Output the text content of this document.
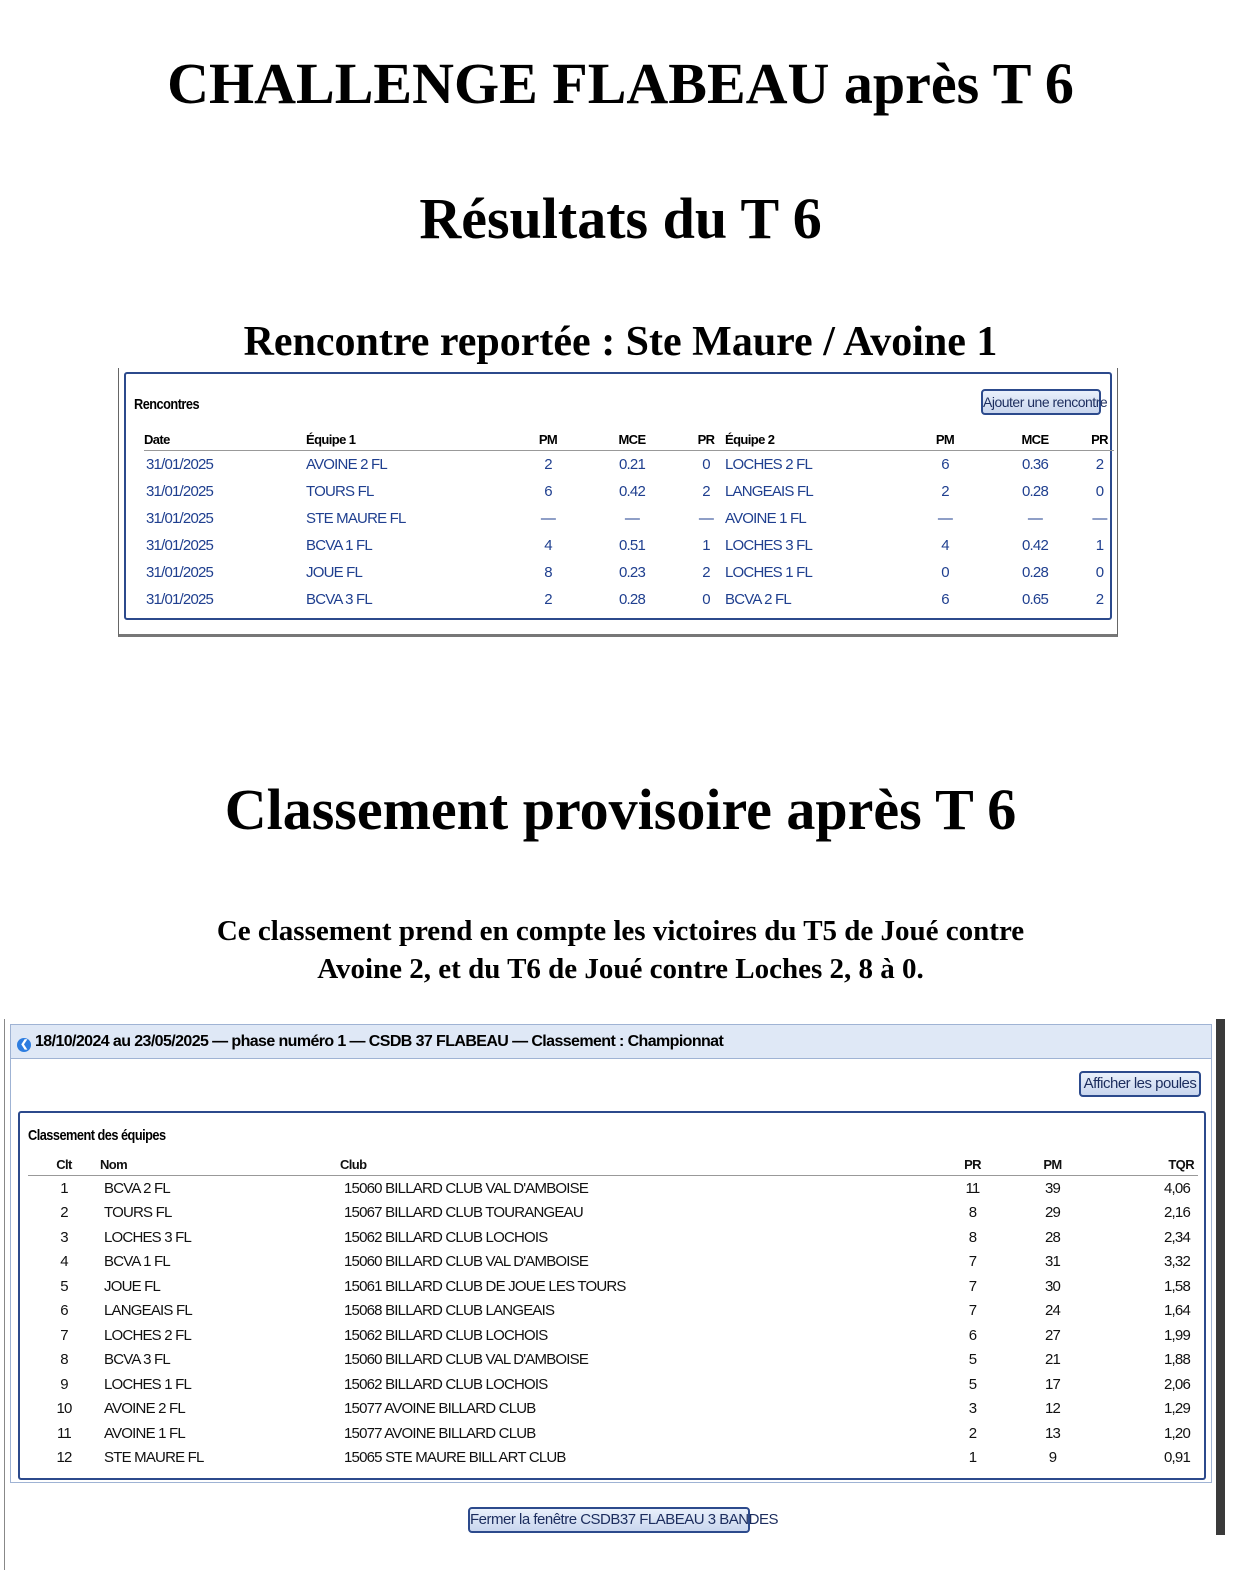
CHALLENGE FLABEAU après T 6
Résultats du T 6
Rencontre reportée : Ste Maure / Avoine 1
Rencontres	Ajouter une rencontre
Date	Équipe 1	PM	MCE	PR	Équipe 2	PM	MCE	PR
31/01/2025	AVOINE 2 FL	2	0.21	0	LOCHES 2 FL	6	0.36	2
31/01/2025	TOURS FL	6	0.42	2	LANGEAIS FL	2	0.28	0
31/01/2025	STE MAURE FL	—	—	—	AVOINE 1 FL	—	—	—
31/01/2025	BCVA 1 FL	4	0.51	1	LOCHES 3 FL	4	0.42	1
31/01/2025	JOUE FL	8	0.23	2	LOCHES 1 FL	0	0.28	0
31/01/2025	BCVA 3 FL	2	0.28	0	BCVA 2 FL	6	0.65	2
Classement provisoire après T 6
Ce classement prend en compte les victoires du T5 de Joué contre
Avoine 2, et du T6 de Joué contre Loches 2, 8 à 0.
❮ 18/10/2024 au 23/05/2025 — phase numéro 1 — CSDB 37 FLABEAU — Classement : Championnat
Afficher les poules
Classement des équipes
Clt	Nom	Club	PR	PM	TQR
1	BCVA 2 FL	15060 BILLARD CLUB VAL D'AMBOISE	11	39	4,06
2	TOURS FL	15067 BILLARD CLUB TOURANGEAU	8	29	2,16
3	LOCHES 3 FL	15062 BILLARD CLUB LOCHOIS	8	28	2,34
4	BCVA 1 FL	15060 BILLARD CLUB VAL D'AMBOISE	7	31	3,32
5	JOUE FL	15061 BILLARD CLUB DE JOUE LES TOURS	7	30	1,58
6	LANGEAIS FL	15068 BILLARD CLUB LANGEAIS	7	24	1,64
7	LOCHES 2 FL	15062 BILLARD CLUB LOCHOIS	6	27	1,99
8	BCVA 3 FL	15060 BILLARD CLUB VAL D'AMBOISE	5	21	1,88
9	LOCHES 1 FL	15062 BILLARD CLUB LOCHOIS	5	17	2,06
10	AVOINE 2 FL	15077 AVOINE BILLARD CLUB	3	12	1,29
11	AVOINE 1 FL	15077 AVOINE BILLARD CLUB	2	13	1,20
12	STE MAURE FL	15065 STE MAURE BILL ART CLUB	1	9	0,91
Fermer la fenêtre CSDB37 FLABEAU 3 BANDES
